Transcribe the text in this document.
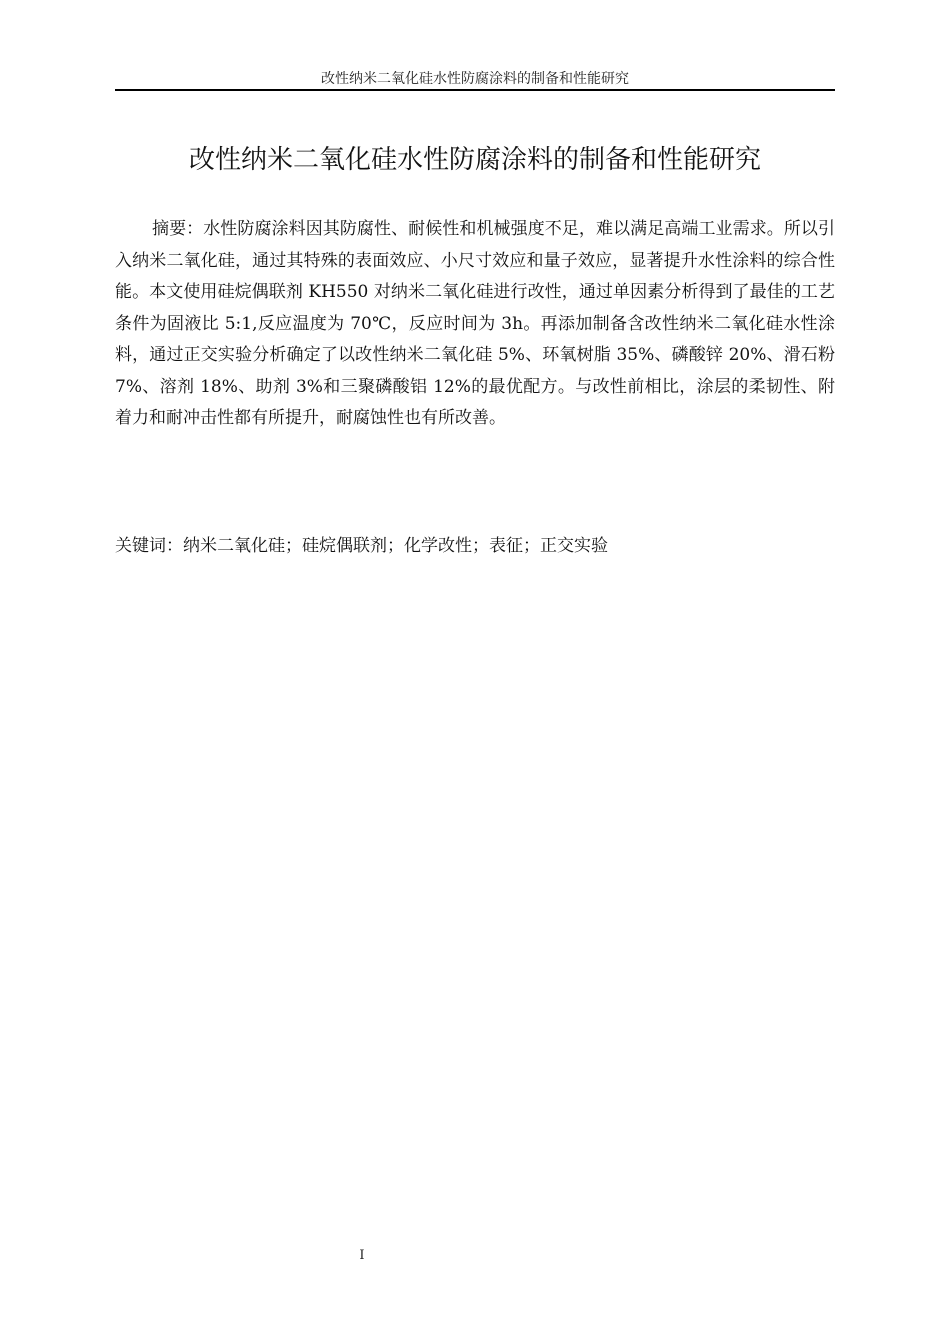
改性纳米二氧化硅水性防腐涂料的制备和性能研究
改性纳米二氧化硅水性防腐涂料的制备和性能研究

摘要：水性防腐涂料因其防腐性、耐候性和机械强度不足，难以满足高端工业需求。所以引入纳米二氧化硅，通过其特殊的表面效应、小尺寸效应和量子效应，显著提升水性涂料的综合性能。本文使用硅烷偶联剂 KH550 对纳米二氧化硅进行改性，通过单因素分析得到了最佳的工艺条件为固液比 5:1,反应温度为 70℃，反应时间为 3h。再添加制备含改性纳米二氧化硅水性涂料，通过正交实验分析确定了以改性纳米二氧化硅 5%、环氧树脂 35%、磷酸锌 20%、滑石粉 7%、溶剂 18%、助剂 3%和三聚磷酸铝 12%的最优配方。与改性前相比，涂层的柔韧性、附着力和耐冲击性都有所提升，耐腐蚀性也有所改善。

关键词：纳米二氧化硅；硅烷偶联剂；化学改性；表征；正交实验

I
